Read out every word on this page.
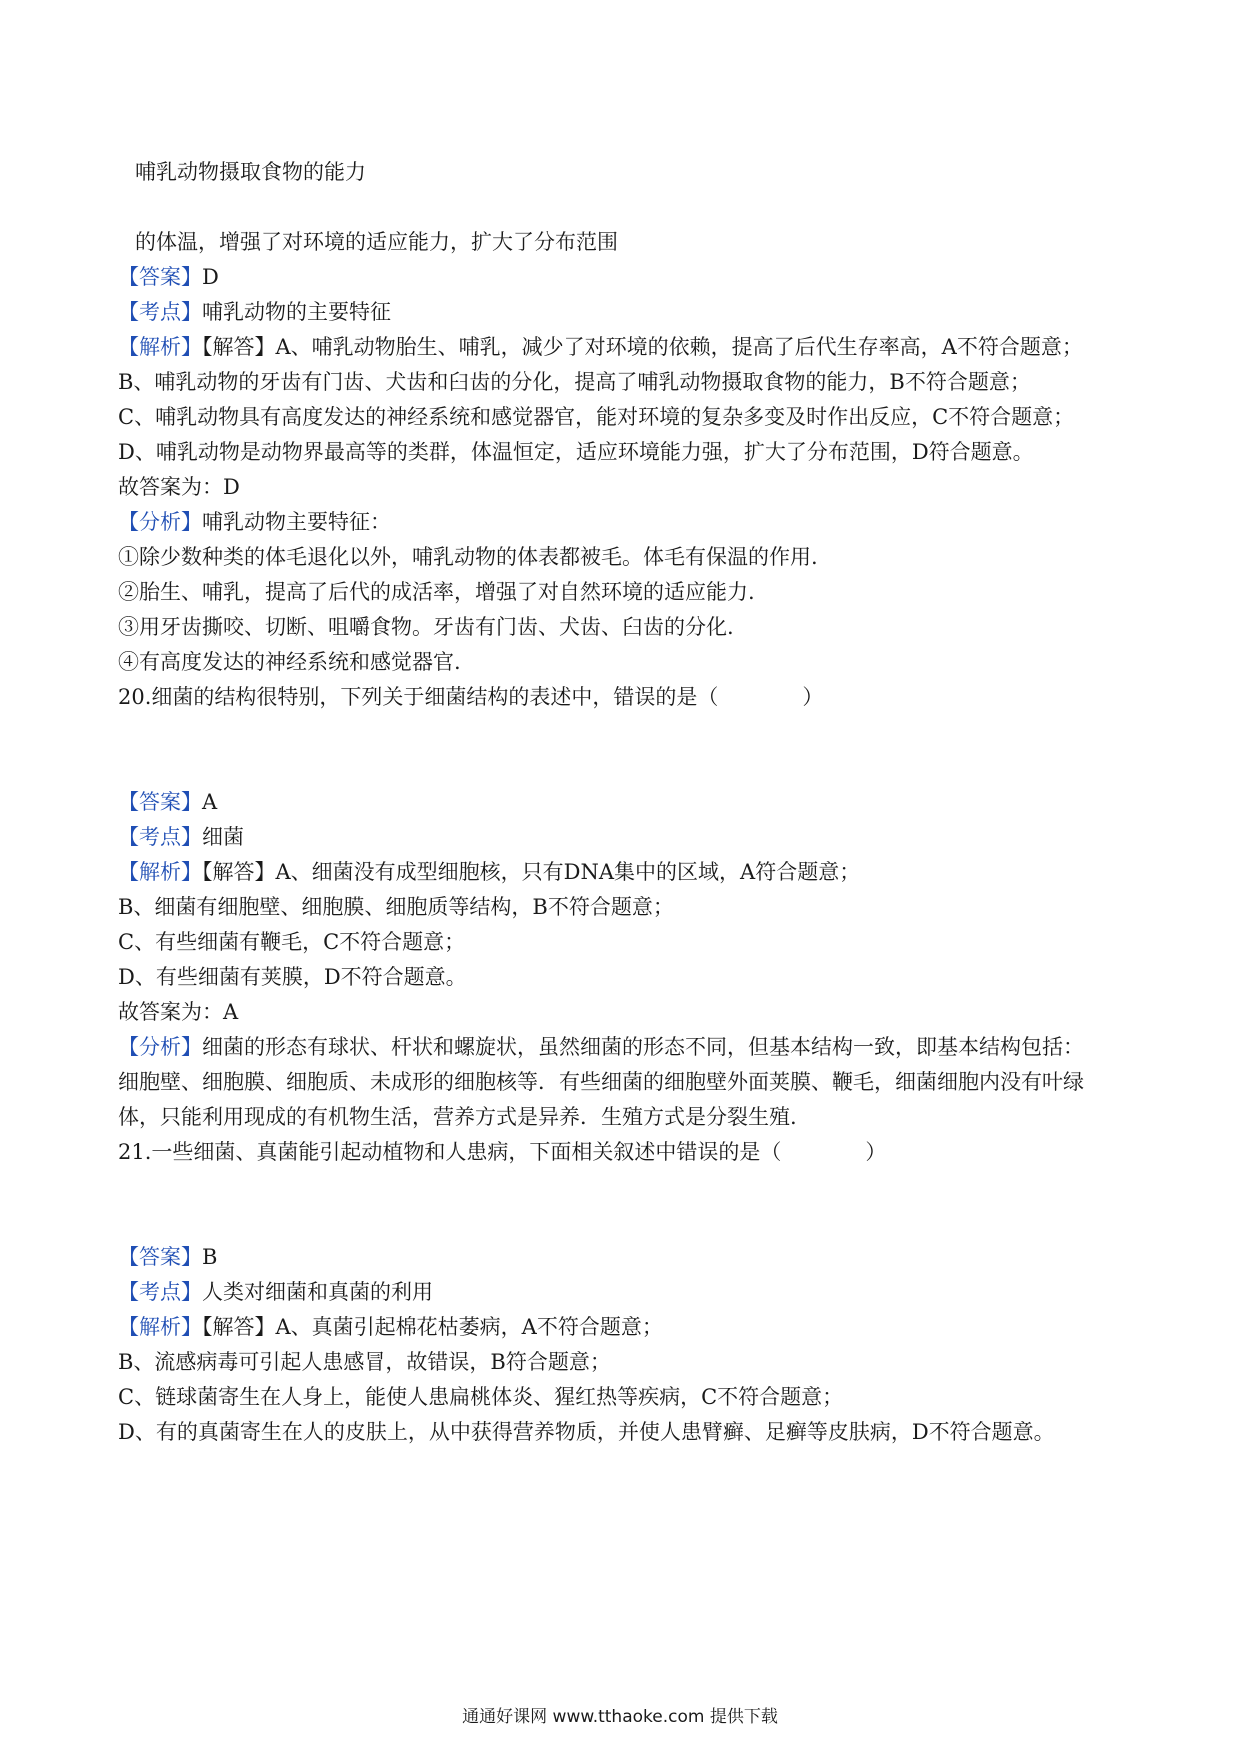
哺乳动物摄取食物的能力
的体温，增强了对环境的适应能力，扩大了分布范围
【答案】D
【考点】哺乳动物的主要特征
【解析】【解答】A、哺乳动物胎生、哺乳，减少了对环境的依赖，提高了后代生存率高，A不符合题意；
B、哺乳动物的牙齿有门齿、犬齿和臼齿的分化，提高了哺乳动物摄取食物的能力，B不符合题意；
C、哺乳动物具有高度发达的神经系统和感觉器官，能对环境的复杂多变及时作出反应，C不符合题意；
D、哺乳动物是动物界最高等的类群，体温恒定，适应环境能力强，扩大了分布范围，D符合题意。
故答案为：D
【分析】哺乳动物主要特征：
①除少数种类的体毛退化以外，哺乳动物的体表都被毛。体毛有保温的作用.
②胎生、哺乳，提高了后代的成活率，增强了对自然环境的适应能力.
③用牙齿撕咬、切断、咀嚼食物。牙齿有门齿、犬齿、臼齿的分化.
④有高度发达的神经系统和感觉器官.
20.细菌的结构很特别，下列关于细菌结构的表述中，错误的是（　　　　）
【答案】A
【考点】细菌
【解析】【解答】A、细菌没有成型细胞核，只有DNA集中的区域，A符合题意；
B、细菌有细胞壁、细胞膜、细胞质等结构，B不符合题意；
C、有些细菌有鞭毛，C不符合题意；
D、有些细菌有荚膜，D不符合题意。
故答案为：A
【分析】细菌的形态有球状、杆状和螺旋状，虽然细菌的形态不同，但基本结构一致，即基本结构包括：
细胞壁、细胞膜、细胞质、未成形的细胞核等．有些细菌的细胞壁外面荚膜、鞭毛，细菌细胞内没有叶绿
体，只能利用现成的有机物生活，营养方式是异养．生殖方式是分裂生殖.
21.一些细菌、真菌能引起动植物和人患病，下面相关叙述中错误的是（　　　　）
【答案】B
【考点】人类对细菌和真菌的利用
【解析】【解答】A、真菌引起棉花枯萎病，A不符合题意；
B、流感病毒可引起人患感冒，故错误，B符合题意；
C、链球菌寄生在人身上，能使人患扁桃体炎、猩红热等疾病，C不符合题意；
D、有的真菌寄生在人的皮肤上，从中获得营养物质，并使人患臂癣、足癣等皮肤病，D不符合题意。
通通好课网 www.tthaoke.com 提供下载
